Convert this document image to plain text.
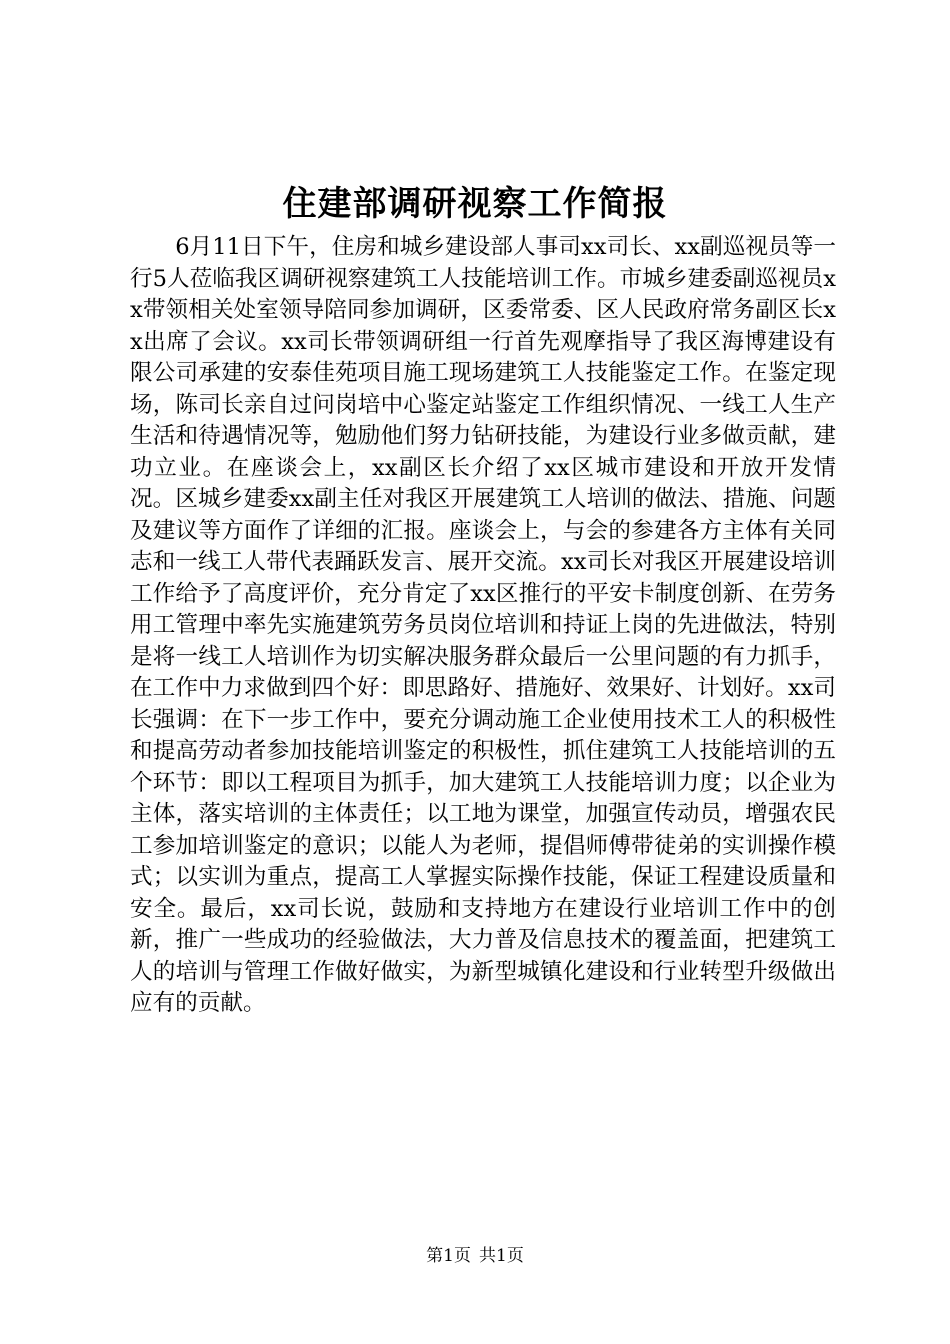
住建部调研视察工作简报

6月11日下午，住房和城乡建设部人事司xx司长、xx副巡视员等一行5人莅临我区调研视察建筑工人技能培训工作。市城乡建委副巡视员xx带领相关处室领导陪同参加调研，区委常委、区人民政府常务副区长xx出席了会议。xx司长带领调研组一行首先观摩指导了我区海博建设有限公司承建的安泰佳苑项目施工现场建筑工人技能鉴定工作。在鉴定现场，陈司长亲自过问岗培中心鉴定站鉴定工作组织情况、一线工人生产生活和待遇情况等，勉励他们努力钻研技能，为建设行业多做贡献，建功立业。在座谈会上，xx副区长介绍了xx区城市建设和开放开发情况。区城乡建委xx副主任对我区开展建筑工人培训的做法、措施、问题及建议等方面作了详细的汇报。座谈会上，与会的参建各方主体有关同志和一线工人带代表踊跃发言、展开交流。xx司长对我区开展建设培训工作给予了高度评价，充分肯定了xx区推行的平安卡制度创新、在劳务用工管理中率先实施建筑劳务员岗位培训和持证上岗的先进做法，特别是将一线工人培训作为切实解决服务群众最后一公里问题的有力抓手，在工作中力求做到四个好：即思路好、措施好、效果好、计划好。xx司长强调：在下一步工作中，要充分调动施工企业使用技术工人的积极性和提高劳动者参加技能培训鉴定的积极性，抓住建筑工人技能培训的五个环节：即以工程项目为抓手，加大建筑工人技能培训力度；以企业为主体，落实培训的主体责任；以工地为课堂，加强宣传动员，增强农民工参加培训鉴定的意识；以能人为老师，提倡师傅带徒弟的实训操作模式；以实训为重点，提高工人掌握实际操作技能，保证工程建设质量和安全。最后，xx司长说，鼓励和支持地方在建设行业培训工作中的创新，推广一些成功的经验做法，大力普及信息技术的覆盖面，把建筑工人的培训与管理工作做好做实，为新型城镇化建设和行业转型升级做出应有的贡献。

第1页 共1页
